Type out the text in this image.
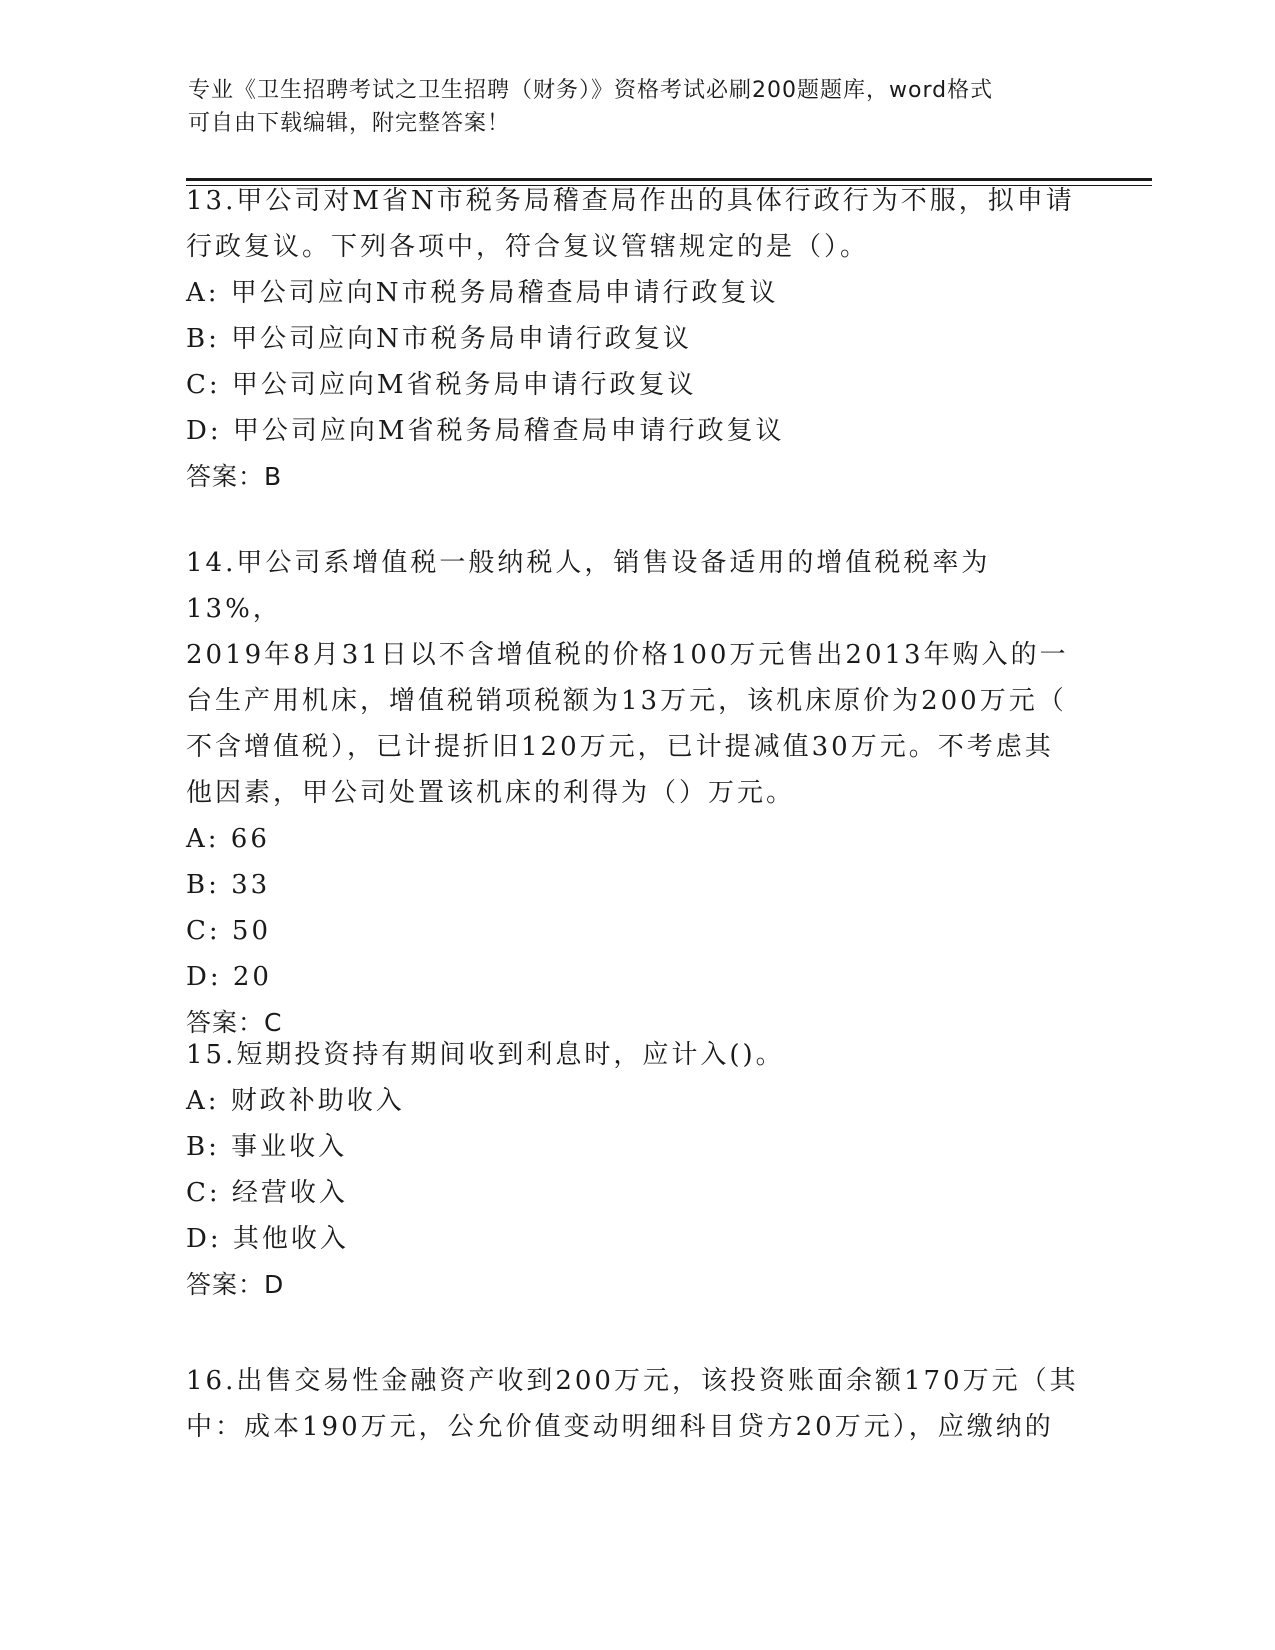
专业《卫生招聘考试之卫生招聘（财务）》资格考试必刷200题题库，word格式
可自由下载编辑，附完整答案！
13.甲公司对M省N市税务局稽查局作出的具体行政行为不服，拟申请
行政复议。下列各项中，符合复议管辖规定的是（）。
A: 甲公司应向N市税务局稽查局申请行政复议
B: 甲公司应向N市税务局申请行政复议
C: 甲公司应向M省税务局申请行政复议
D: 甲公司应向M省税务局稽查局申请行政复议
答案：B
14.甲公司系增值税一般纳税人，销售设备适用的增值税税率为13%，
2019年8月31日以不含增值税的价格100万元售出2013年购入的一
台生产用机床，增值税销项税额为13万元，该机床原价为200万元（
不含增值税），已计提折旧120万元，已计提减值30万元。不考虑其
他因素，甲公司处置该机床的利得为（）万元。
A: 66
B: 33
C: 50
D: 20
答案：C
15.短期投资持有期间收到利息时，应计入()。
A: 财政补助收入
B: 事业收入
C: 经营收入
D: 其他收入
答案：D
16.出售交易性金融资产收到200万元，该投资账面余额170万元（其
中：成本190万元，公允价值变动明细科目贷方20万元），应缴纳的
